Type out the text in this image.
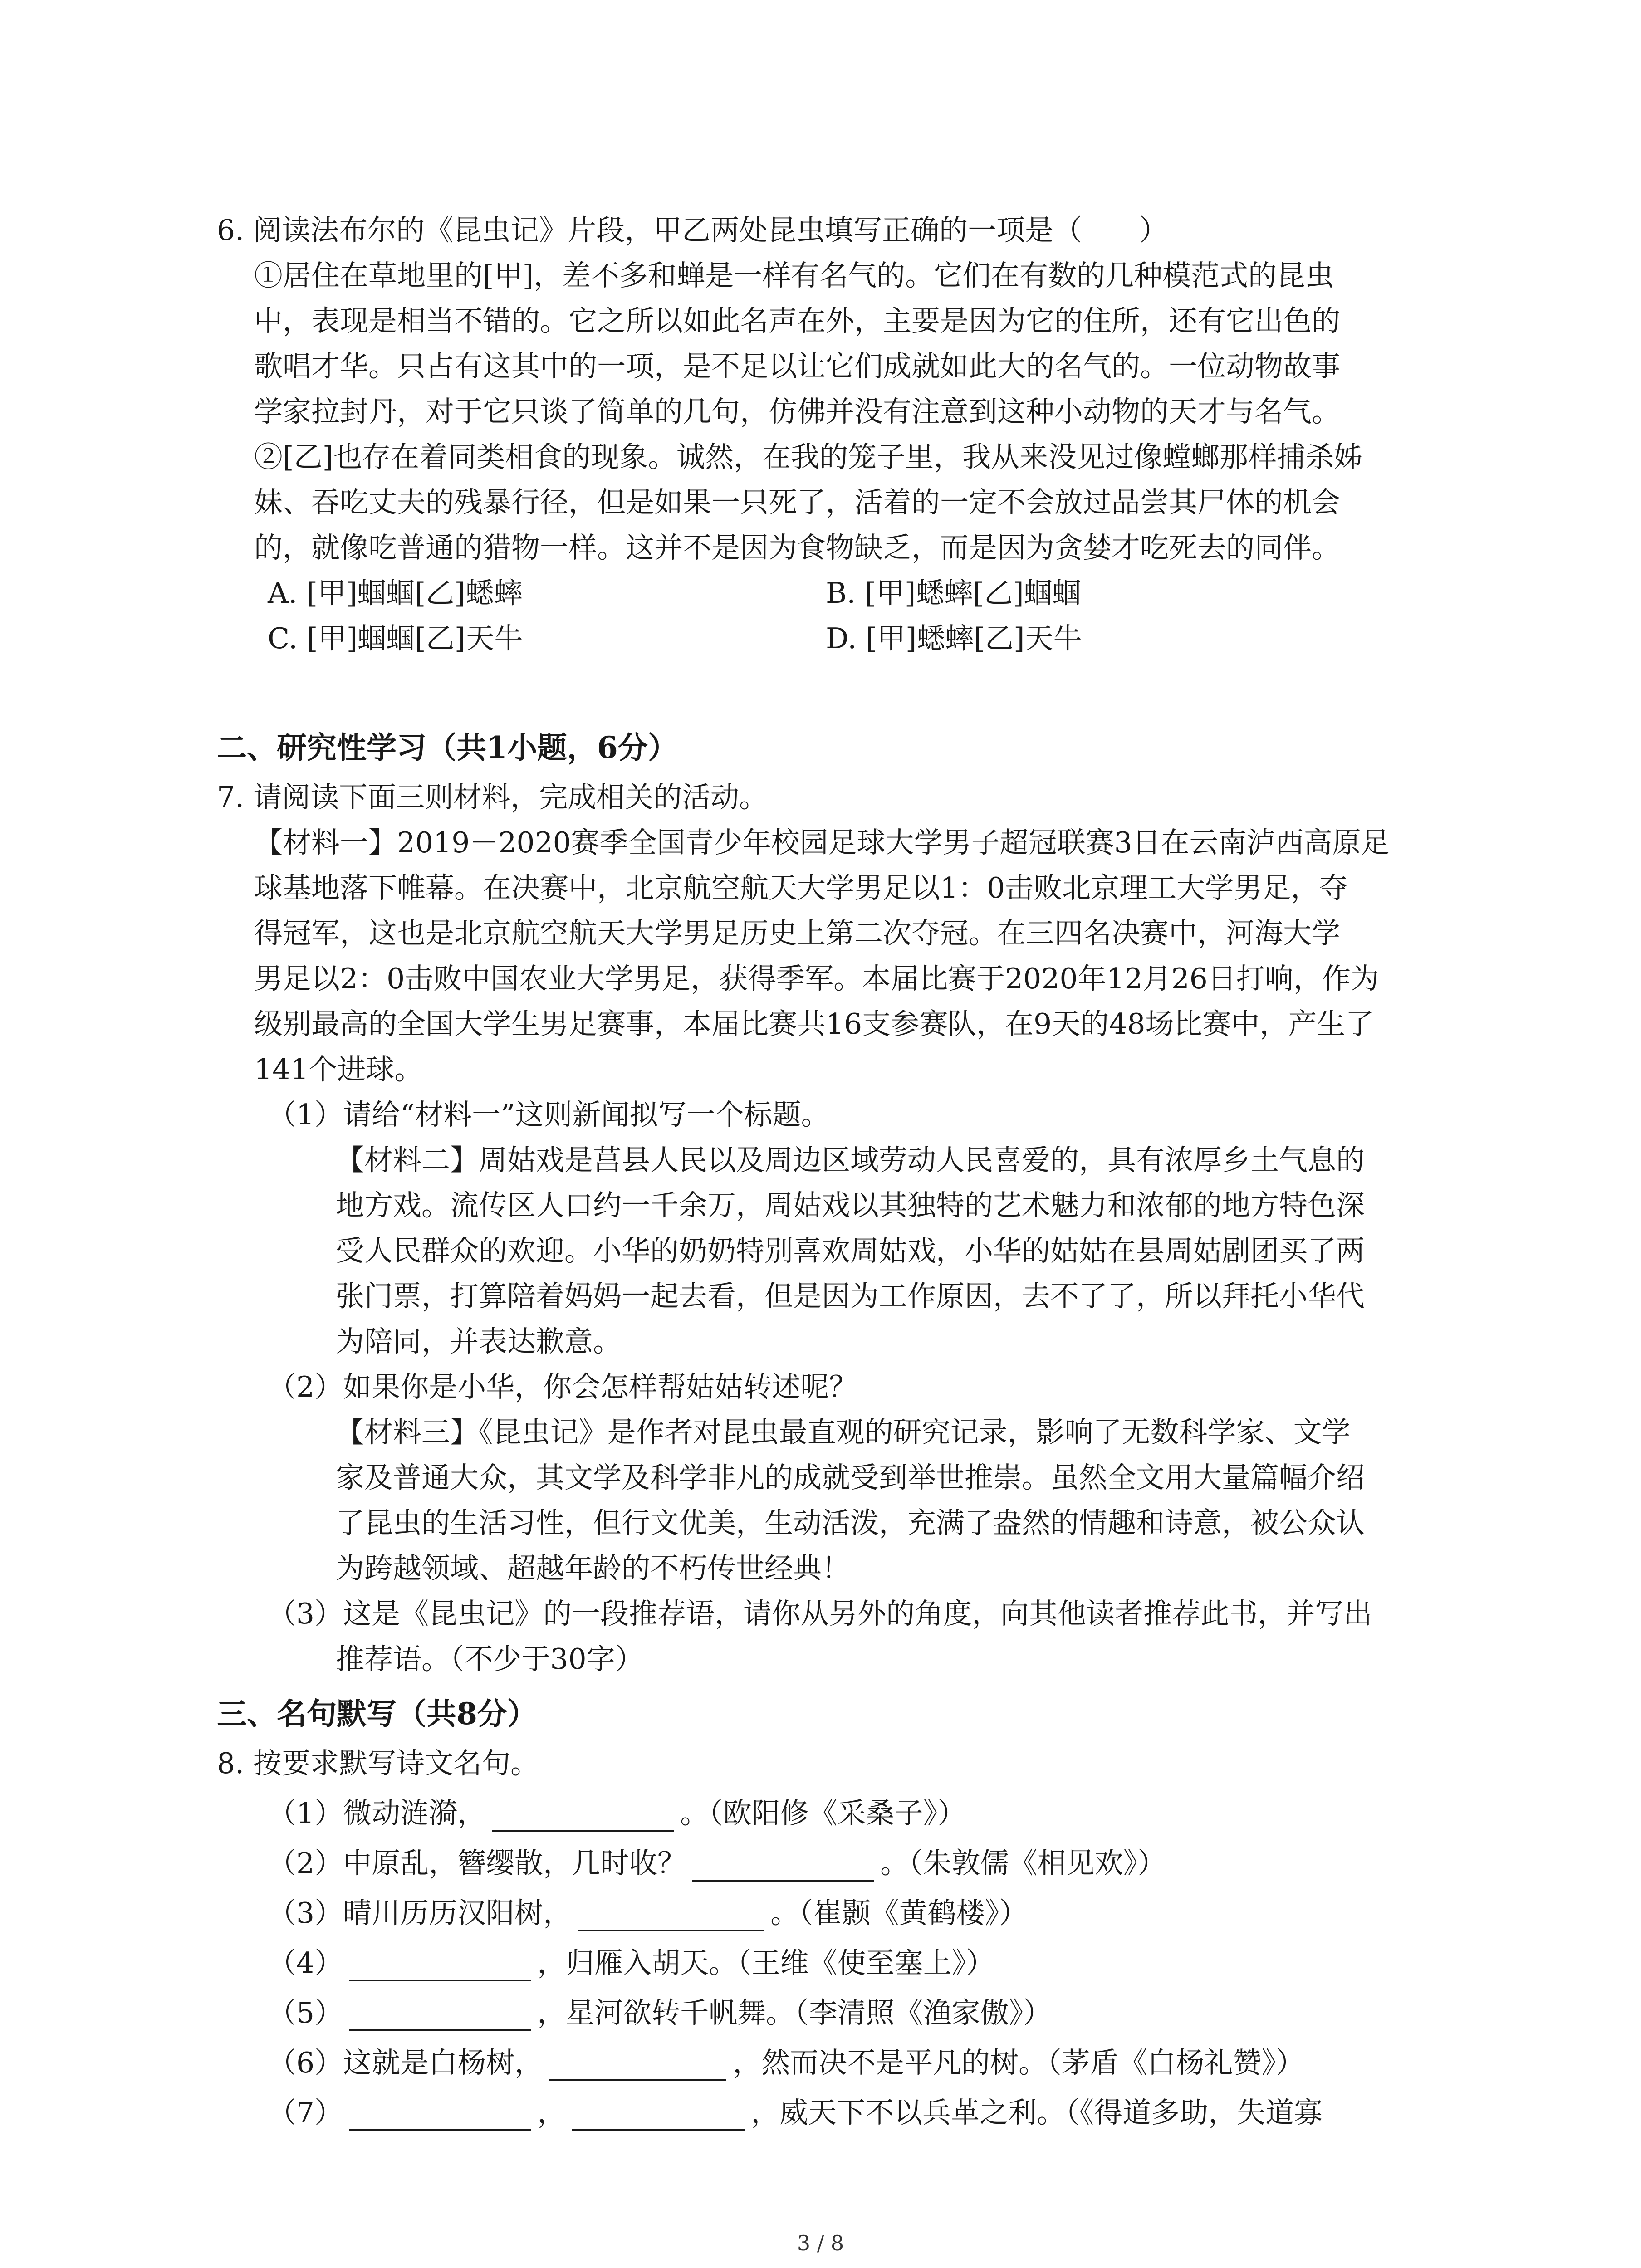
6. 阅读法布尔的《昆虫记》片段，甲乙两处昆虫填写正确的一项是（　　）
①居住在草地里的[甲]，差不多和蝉是一样有名气的。它们在有数的几种模范式的昆虫
中，表现是相当不错的。它之所以如此名声在外，主要是因为它的住所，还有它出色的
歌唱才华。只占有这其中的一项，是不足以让它们成就如此大的名气的。一位动物故事
学家拉封丹，对于它只谈了简单的几句，仿佛并没有注意到这种小动物的天才与名气。
②[乙]也存在着同类相食的现象。诚然，在我的笼子里，我从来没见过像螳螂那样捕杀姊
妹、吞吃丈夫的残暴行径，但是如果一只死了，活着的一定不会放过品尝其尸体的机会
的，就像吃普通的猎物一样。这并不是因为食物缺乏，而是因为贪婪才吃死去的同伴。
A. [甲]蝈蝈[乙]蟋蟀	B. [甲]蟋蟀[乙]蝈蝈
C. [甲]蝈蝈[乙]天牛	D. [甲]蟋蟀[乙]天牛
二、研究性学习（共1小题，6分）
7. 请阅读下面三则材料，完成相关的活动。
【材料一】2019－2020赛季全国青少年校园足球大学男子超冠联赛3日在云南泸西高原足
球基地落下帷幕。在决赛中，北京航空航天大学男足以1：0击败北京理工大学男足，夺
得冠军，这也是北京航空航天大学男足历史上第二次夺冠。在三四名决赛中，河海大学
男足以2：0击败中国农业大学男足，获得季军。本届比赛于2020年12月26日打响，作为
级别最高的全国大学生男足赛事，本届比赛共16支参赛队，在9天的48场比赛中，产生了
141个进球。
（1）请给“材料一”这则新闻拟写一个标题。
【材料二】周姑戏是莒县人民以及周边区域劳动人民喜爱的，具有浓厚乡土气息的
地方戏。流传区人口约一千余万，周姑戏以其独特的艺术魅力和浓郁的地方特色深
受人民群众的欢迎。小华的奶奶特别喜欢周姑戏，小华的姑姑在县周姑剧团买了两
张门票，打算陪着妈妈一起去看，但是因为工作原因，去不了了，所以拜托小华代
为陪同，并表达歉意。
（2）如果你是小华，你会怎样帮姑姑转述呢？
【材料三】《昆虫记》是作者对昆虫最直观的研究记录，影响了无数科学家、文学
家及普通大众，其文学及科学非凡的成就受到举世推崇。虽然全文用大量篇幅介绍
了昆虫的生活习性，但行文优美，生动活泼，充满了盎然的情趣和诗意，被公众认
为跨越领域、超越年龄的不朽传世经典！
（3）这是《昆虫记》的一段推荐语，请你从另外的角度，向其他读者推荐此书，并写出
推荐语。（不少于30字）
三、名句默写（共8分）
8. 按要求默写诗文名句。
（1）微动涟漪，	。（欧阳修《采桑子》）
（2）中原乱，簪缨散，几时收？	。（朱敦儒《相见欢》）
（3）晴川历历汉阳树，	。（崔颢《黄鹤楼》）
（4）	，归雁入胡天。（王维《使至塞上》）
（5）	，星河欲转千帆舞。（李清照《渔家傲》）
（6）这就是白杨树，	，然而决不是平凡的树。（茅盾《白杨礼赞》）
（7）	，	，威天下不以兵革之利。（《得道多助，失道寡
3 / 8
